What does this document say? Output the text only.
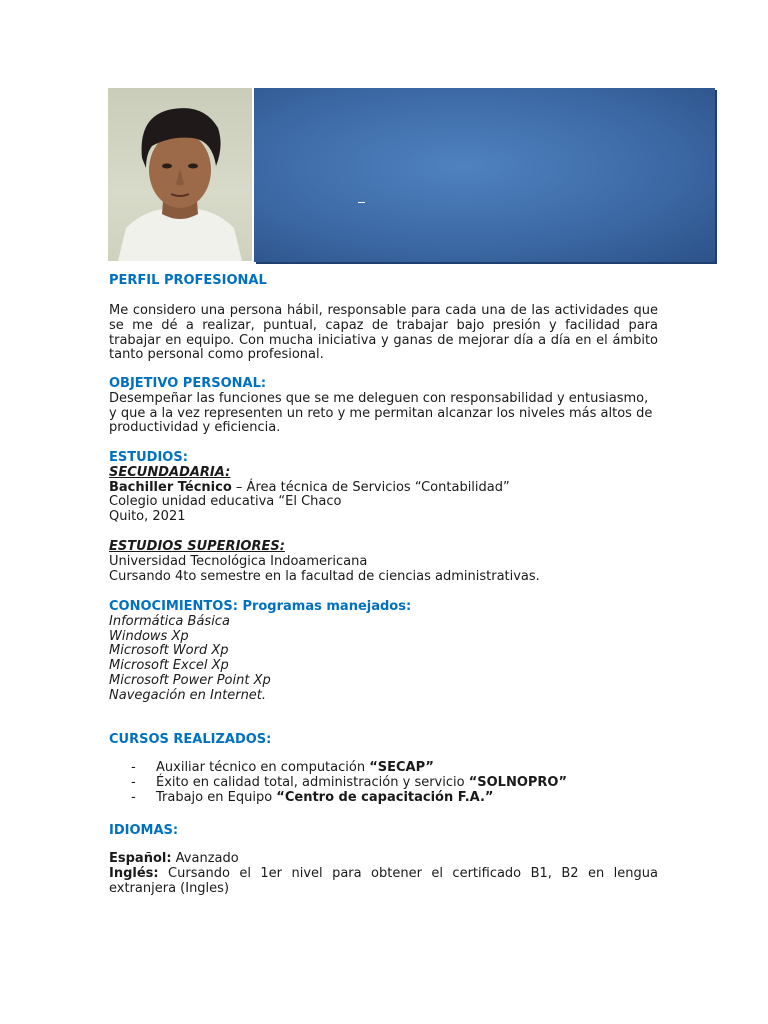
PERFIL PROFESIONAL

Me considero una persona hábil, responsable para cada una de las actividades que se me dé a realizar, puntual, capaz de trabajar bajo presión y facilidad para trabajar en equipo. Con mucha iniciativa y ganas de mejorar día a día en el ámbito tanto personal como profesional.

OBJETIVO PERSONAL:
Desempeñar las funciones que se me deleguen con responsabilidad y entusiasmo,
y que a la vez representen un reto y me permitan alcanzar los niveles más altos de
productividad y eficiencia.
ESTUDIOS:
SECUNDADARIA:
Bachiller Técnico – Área técnica de Servicios “Contabilidad”
Colegio unidad educativa “El Chaco
Quito, 2021
ESTUDIOS SUPERIORES:
Universidad Tecnológica Indoamericana
Cursando 4to semestre en la facultad de ciencias administrativas.
CONOCIMIENTOS: Programas manejados:
Informática Básica
Windows Xp
Microsoft Word Xp
Microsoft Excel Xp
Microsoft Power Point Xp
Navegación en Internet.
CURSOS REALIZADOS:
- Auxiliar técnico en computación “SECAP”
- Éxito en calidad total, administración y servicio “SOLNOPRO”
- Trabajo en Equipo “Centro de capacitación F.A.”
IDIOMAS:
Español: Avanzado
Inglés: Cursando el 1er nivel para obtener el certificado B1, B2 en lengua extranjera (Ingles)
